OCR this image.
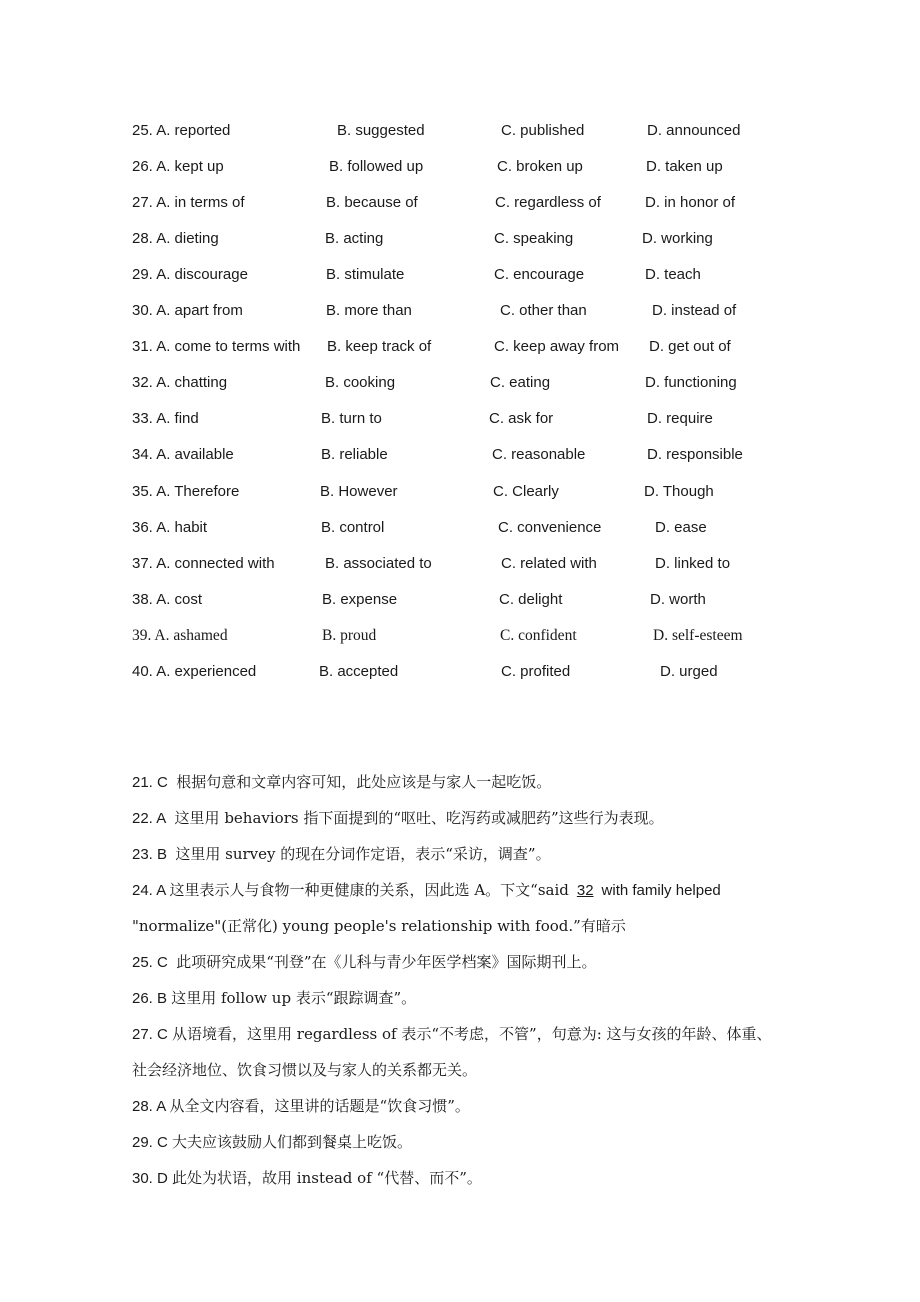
25. A. reported	B. suggested	C. published	D. announced
26. A. kept up	B. followed up	C. broken up	D. taken up
27. A. in terms of	B. because of	C. regardless of	D. in honor of
28. A. dieting	B. acting	C. speaking	D. working
29. A. discourage	B. stimulate	C. encourage	D. teach
30. A. apart from	B. more than	C. other than	D. instead of
31. A. come to terms with B. keep track of	C. keep away from D. get out of
32. A. chatting	B. cooking	C. eating	D. functioning
33. A. find	B. turn to	C. ask for	D. require
34. A. available	B. reliable	C. reasonable	D. responsible
35. A. Therefore	B. However	C. Clearly	D. Though
36. A. habit	B. control	C. convenience	D. ease
37. A. connected with	B. associated to	C. related with	D. linked to
38. A. cost	B. expense	C. delight	D. worth
39. A. ashamed	B. proud	C. confident	D. self-esteem
40. A. experienced	B. accepted	C. profited	D. urged
21. C 根据句意和文章内容可知，此处应该是与家人一起吃饭。
22. A 这里用 behaviors 指下面提到的“呕吐、吃泻药或减肥药”这些行为表现。
23. B 这里用 survey 的现在分词作定语，表示“采访，调查”。
24. A 这里表示人与食物一种更健康的关系，因此选 A。下文“said 32 with family helped
"normalize"(正常化) young people's relationship with food.”有暗示
25. C 此项研究成果“刊登”在《儿科与青少年医学档案》国际期刊上。
26. B 这里用 follow up 表示“跟踪调查”。
27. C 从语境看，这里用 regardless of 表示“不考虑，不管”，句意为: 这与女孩的年龄、体重、
社会经济地位、饮食习惯以及与家人的关系都无关。
28. A 从全文内容看，这里讲的话题是“饮食习惯”。
29. C 大夫应该鼓励人们都到餐桌上吃饭。
30. D 此处为状语，故用 instead of “代替、而不”。
